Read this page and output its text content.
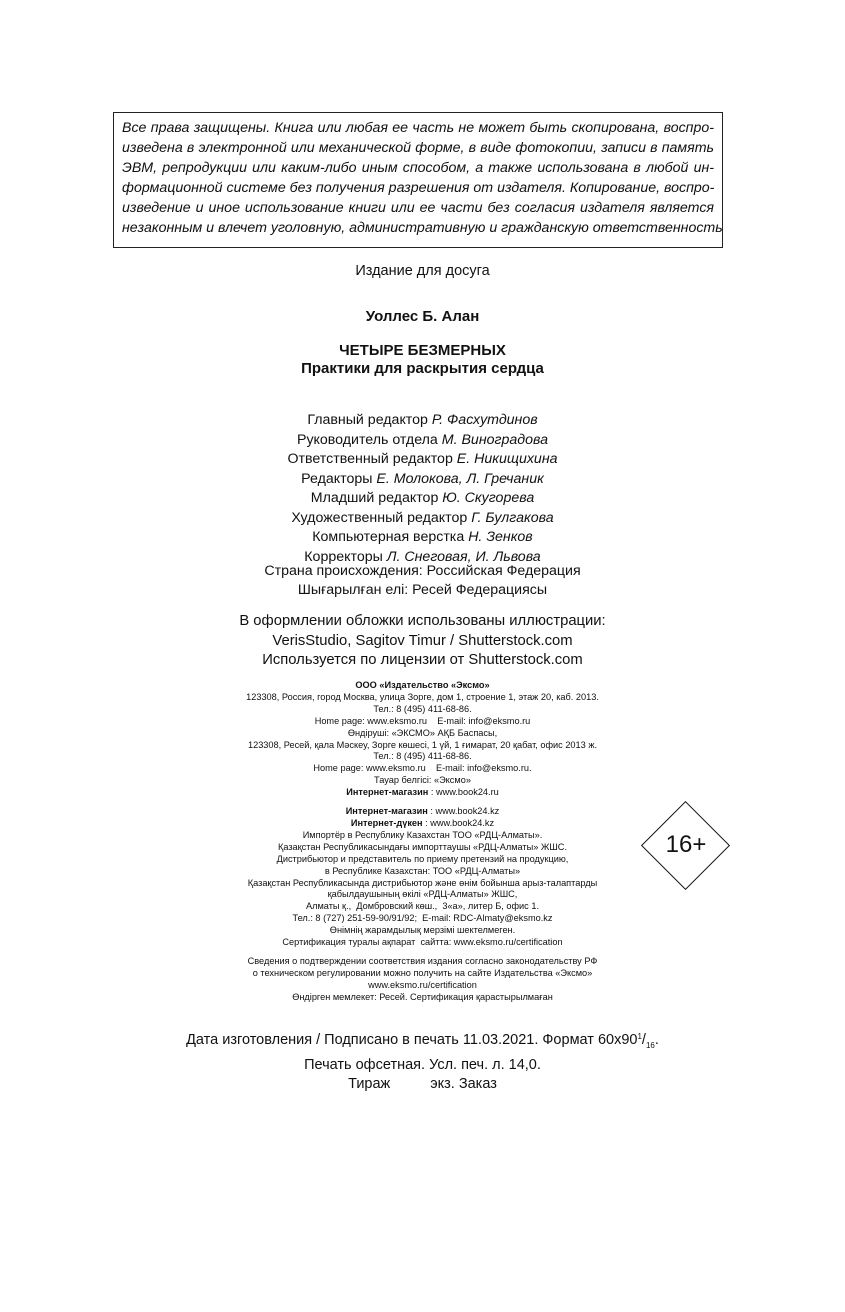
Все права защищены. Книга или любая ее часть не может быть скопирована, воспро-
изведена в электронной или механической форме, в виде фотокопии, записи в память
ЭВМ, репродукции или каким-либо иным способом, а также использована в любой ин-
формационной системе без получения разрешения от издателя. Копирование, воспро-
изведение и иное использование книги или ее части без согласия издателя является
незаконным и влечет уголовную, административную и гражданскую ответственность
Издание для досуга
Уоллес Б. Алан
ЧЕТЫРЕ БЕЗМЕРНЫХ
Практики для раскрытия сердца
Главный редактор Р. Фасхутдинов
Руководитель отдела М. Виноградова
Ответственный редактор Е. Никищихина
Редакторы Е. Молокова, Л. Гречаник
Младший редактор Ю. Скугорева
Художественный редактор Г. Булгакова
Компьютерная верстка Н. Зенков
Корректоры Л. Снеговая, И. Львова
Страна происхождения: Российская Федерация
Шығарылған елі: Ресей Федерациясы
В оформлении обложки использованы иллюстрации:
VerisStudio, Sagitov Timur / Shutterstock.com
Используется по лицензии от Shutterstock.com
ООО «Издательство «Эксмо»
123308, Россия, город Москва, улица Зорге, дом 1, строение 1, этаж 20, каб. 2013.
Тел.: 8 (495) 411-68-86.
Home page: www.eksmo.ru    E-mail: info@eksmo.ru
Өндіруші: «ЭКСМО» АҚБ Баспасы,
123308, Ресей, қала Мәскеу, Зорге көшесі, 1 үй, 1 ғимарат, 20 қабат, офис 2013 ж.
Тел.: 8 (495) 411-68-86.
Home page: www.eksmo.ru    E-mail: info@eksmo.ru.
Тауар белгісі: «Эксмо»
Интернет-магазин : www.book24.ru
Интернет-магазин : www.book24.kz
Интернет-дүкен : www.book24.kz
Импортёр в Республику Казахстан ТОО «РДЦ-Алматы».
Қазақстан Республикасындағы импорттаушы «РДЦ-Алматы» ЖШС.
Дистрибьютор и представитель по приему претензий на продукцию,
в Республике Казахстан: ТОО «РДЦ-Алматы»
Қазақстан Республикасында дистрибьютор және өнім бойынша арыз-талаптарды
қабылдаушының өкілі «РДЦ-Алматы» ЖШС,
Алматы қ.,  Домбровский көш.,  3«а», литер Б, офис 1.
Тел.: 8 (727) 251-59-90/91/92;  E-mail: RDC-Almaty@eksmo.kz
Өнімнің жарамдылық мерзімі шектелмеген.
Сертификация туралы ақпарат  сайтта: www.eksmo.ru/certification
Сведения о подтверждении соответствия издания согласно законодательству РФ
о техническом регулировании можно получить на сайте Издательства «Эксмо»
www.eksmo.ru/certification
Өндірген мемлекет: Ресей. Сертификация қарастырылмаған
16+
Дата изготовления / Подписано в печать 11.03.2021. Формат $60х90^1/_{16}$.
Печать офсетная. Усл. печ. л. 14,0.
Тираж	экз. Заказ
